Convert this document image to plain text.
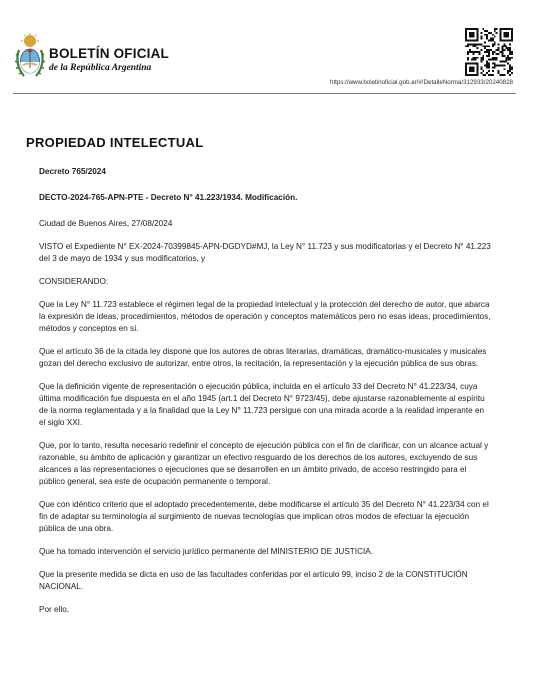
BOLETÍN OFICIAL
de la República Argentina
https://www.boletinoficial.gob.ar/#!DetalleNorma/312933/20240828
PROPIEDAD INTELECTUAL

Decreto 765/2024

DECTO-2024-765-APN-PTE - Decreto N° 41.223/1934. Modificación.

Ciudad de Buenos Aires, 27/08/2024

VISTO el Expediente N° EX-2024-70399845-APN-DGDYD#MJ, la Ley N° 11.723 y sus modificatorias y el Decreto N° 41.223 del 3 de mayo de 1934 y sus modificatorios, y

CONSIDERANDO:

Que la Ley N° 11.723 establece el régimen legal de la propiedad intelectual y la protección del derecho de autor, que abarca la expresión de ideas, procedimientos, métodos de operación y conceptos matemáticos pero no esas ideas, procedimientos, métodos y conceptos en sí.

Que el artículo 36 de la citada ley dispone que los autores de obras literarias, dramáticas, dramático-musicales y musicales gozan del derecho exclusivo de autorizar, entre otros, la recitación, la representación y la ejecución pública de sus obras.

Que la definición vigente de representación o ejecución pública, incluida en el artículo 33 del Decreto N° 41.223/34, cuya última modificación fue dispuesta en el año 1945 (art.1 del Decreto N° 9723/45), debe ajustarse razonablemente al espíritu de la norma reglamentada y a la finalidad que la Ley N° 11.723 persigue con una mirada acorde a la realidad imperante en el siglo XXI.

Que, por lo tanto, resulta necesario redefinir el concepto de ejecución pública con el fin de clarificar, con un alcance actual y razonable, su ámbito de aplicación y garantizar un efectivo resguardo de los derechos de los autores, excluyendo de sus alcances a las representaciones o ejecuciones que se desarrollen en un ámbito privado, de acceso restringido para el público general, sea este de ocupación permanente o temporal.

Que con idéntico criterio que el adoptado precedentemente, debe modificarse el artículo 35 del Decreto N° 41.223/34 con el fin de adaptar su terminología al surgimiento de nuevas tecnologías que implican otros modos de efectuar la ejecución pública de una obra.

Que ha tomado intervención el servicio jurídico permanente del MINISTERIO DE JUSTICIA.

Que la presente medida se dicta en uso de las facultades conferidas por el artículo 99, inciso 2 de la CONSTITUCIÓN NACIONAL.

Por ello,
